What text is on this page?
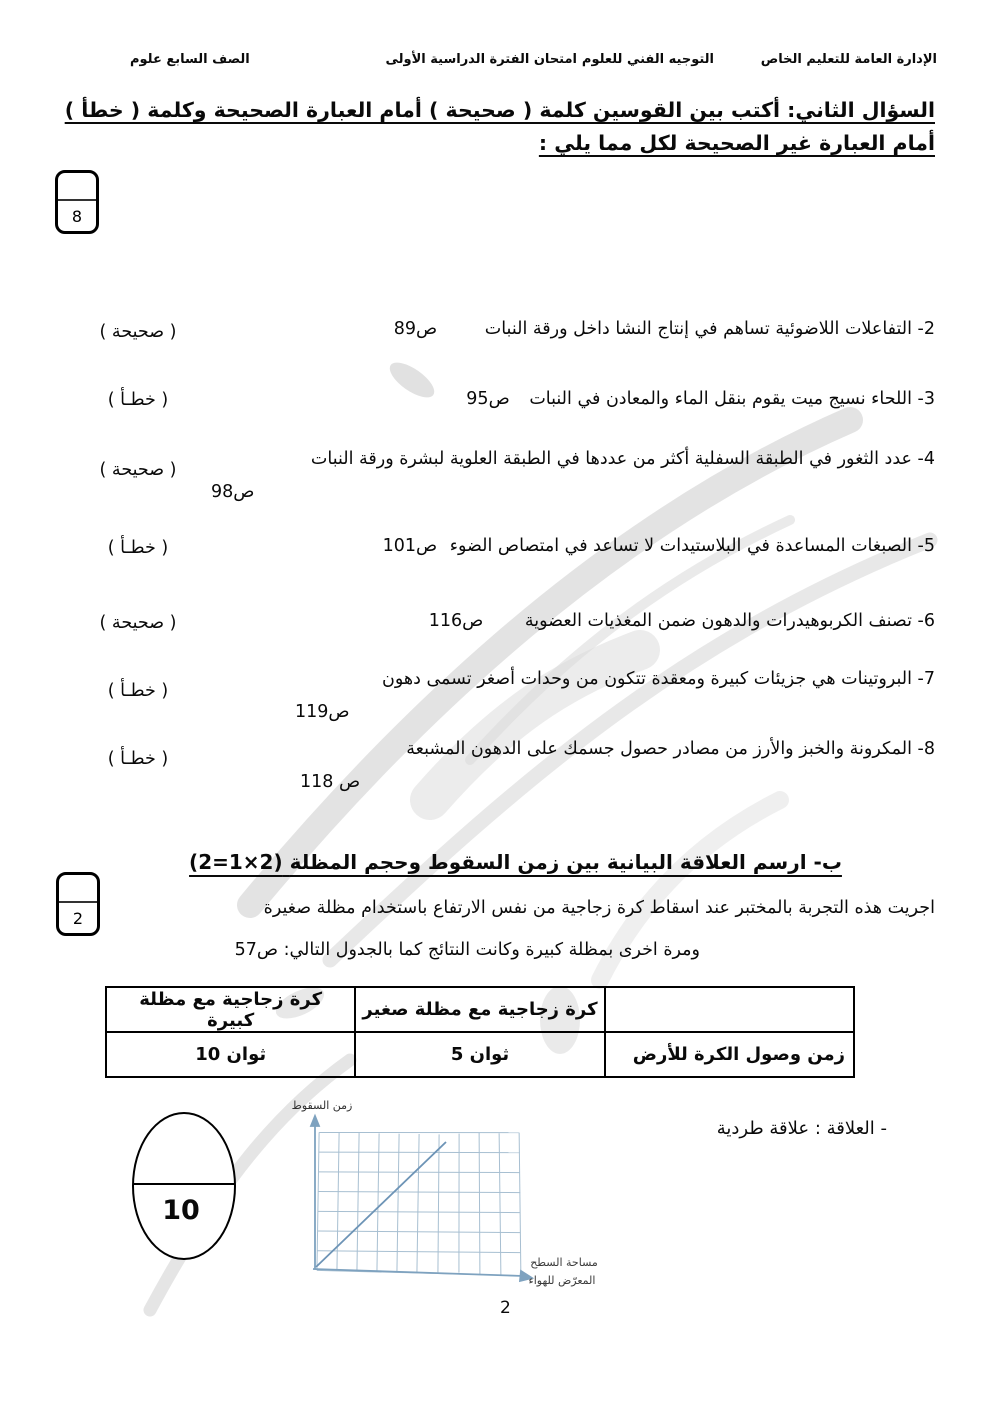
الإدارة العامة للتعليم الخاص
التوجيه الفني للعلوم
امتحان الفترة الدراسية الأولى
الصف السابع علوم
السؤال الثاني: أكتب بين القوسين كلمة ( صحيحة ) أمام العبارة الصحيحة وكلمة ( خطأ ) أمام العبارة غير الصحيحة لكل مما يلي :
8
2- التفاعلات اللاضوئية تساهم في إنتاج النشا داخل ورقة النبات ص89
( صحيحة )
3- اللحاء نسيج ميت يقوم بنقل الماء والمعادن في النبات ص95
( خطـأ )
4- عدد الثغور في الطبقة السفلية أكثر من عددها في الطبقة العلوية لبشرة ورقة النبات
ص98
( صحيحة )
5- الصبغات المساعدة في البلاستيدات لا تساعد في امتصاص الضوء ص101
( خطـأ )
6- تصنف الكربوهيدرات والدهون ضمن المغذيات العضوية ص116
( صحيحة )
7- البروتينات هي جزيئات كبيرة ومعقدة تتكون من وحدات أصغر تسمى دهون
ص119
( خطـأ )
8- المكرونة والخبز والأرز من مصادر حصول جسمك على الدهون المشبعة
ص 118
( خطـأ )
ب- ارسم العلاقة البيانية بين زمن السقوط وحجم المظلة (2=1×2)
2	اجريت هذه التجربة بالمختبر عند اسقاط كرة زجاجية من نفس الارتفاع باستخدام مظلة صغيرة
ومرة اخرى بمظلة كبيرة وكانت النتائج كما بالجدول التالي: ص57
	كرة زجاجية مع مظلة صغير	كرة زجاجية مع مظلة كبيرة
زمن وصول الكرة للأرض	5 ثوان	10 ثوان
- العلاقة : علاقة طردية
10
زمن السقوط
مساحة السطح
المعرّض للهواء
2
